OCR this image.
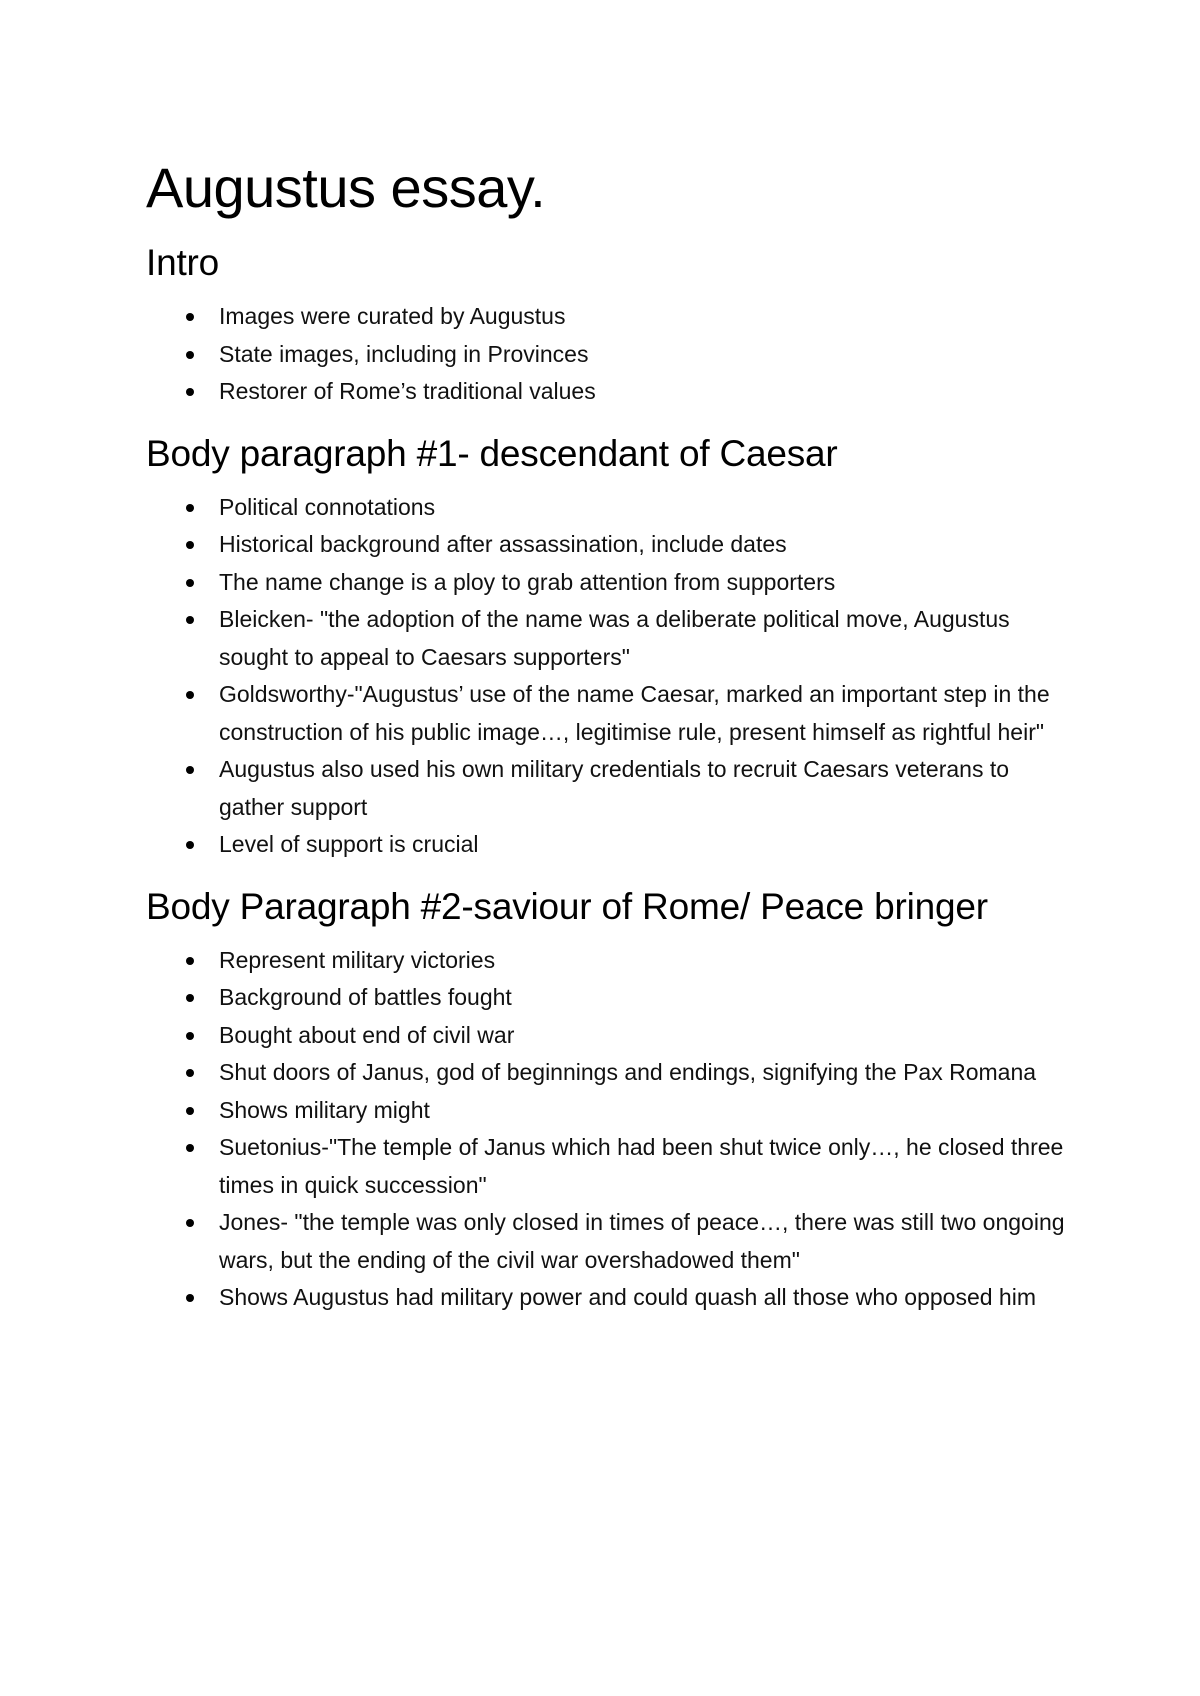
Augustus essay.
Intro
Images were curated by Augustus
State images, including in Provinces
Restorer of Rome’s traditional values
Body paragraph #1- descendant of Caesar
Political connotations
Historical background after assassination, include dates
The name change is a ploy to grab attention from supporters
Bleicken- "the adoption of the name was a deliberate political move, Augustus sought to appeal to Caesars supporters"
Goldsworthy-"Augustus’ use of the name Caesar, marked an important step in the construction of his public image…, legitimise rule, present himself as rightful heir"
Augustus also used his own military credentials to recruit Caesars veterans to gather support
Level of support is crucial
Body Paragraph #2-saviour of Rome/ Peace bringer
Represent military victories
Background of battles fought
Bought about end of civil war
Shut doors of Janus, god of beginnings and endings, signifying the Pax Romana
Shows military might
Suetonius-"The temple of Janus which had been shut twice only…, he closed three times in quick succession"
Jones- "the temple was only closed in times of peace…, there was still two ongoing wars, but the ending of the civil war overshadowed them"
Shows Augustus had military power and could quash all those who opposed him
